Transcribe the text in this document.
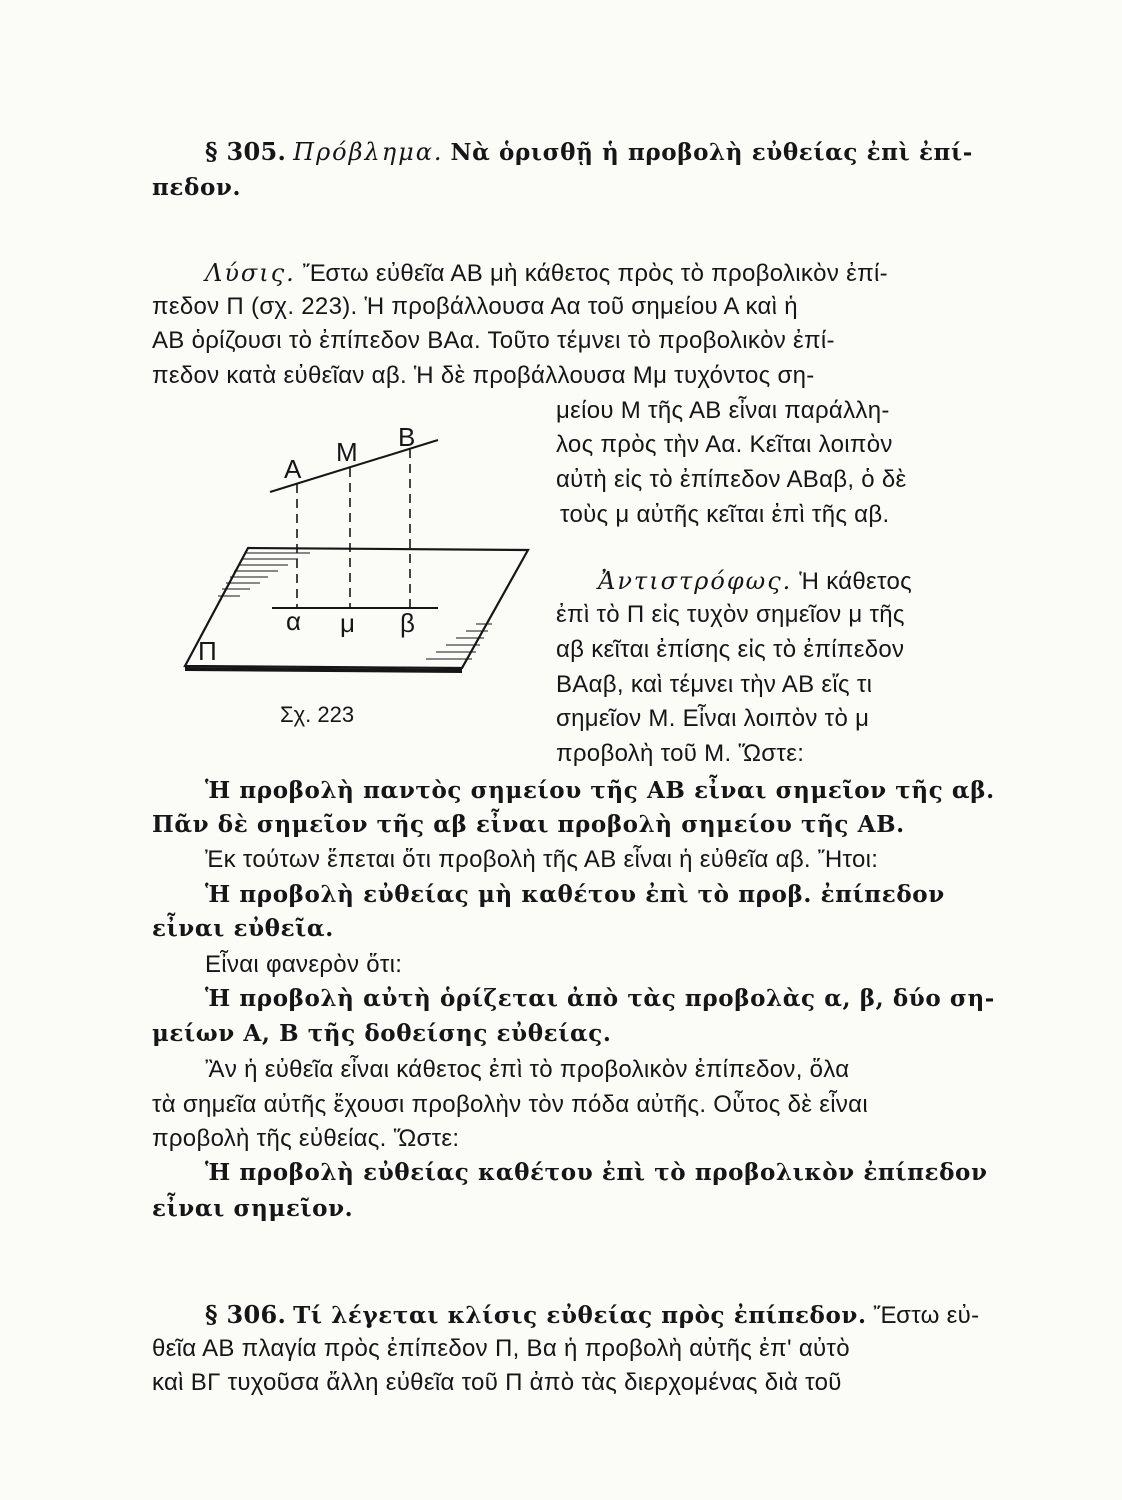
§ 305. Πρόβλημα. Νὰ ὁρισθῇ ἡ προβολὴ εὐθείας ἐπὶ ἐπί-
πεδον.
Λύσις. Ἔστω εὐθεῖα ΑΒ μὴ κάθετος πρὸς τὸ προβολικὸν ἐπί-
πεδον Π (σχ. 223). Ἡ προβάλλουσα Αα τοῦ σημείου Α καὶ ἡ
ΑΒ ὁρίζουσι τὸ ἐπίπεδον ΒΑα. Τοῦτο τέμνει τὸ προβολικὸν ἐπί-
πεδον κατὰ εὐθεῖαν αβ. Ἡ δὲ προβάλλουσα Μμ τυχόντος ση-
μείου Μ τῆς ΑΒ εἶναι παράλλη-
λος πρὸς τὴν Αα. Κεῖται λοιπὸν
αὐτὴ εἰς τὸ ἐπίπεδον ΑΒαβ, ὁ δὲ
τοὺς μ αὐτῆς κεῖται ἐπὶ τῆς αβ.
Ἀντιστρόφως. Ἡ κάθετος
ἐπὶ τὸ Π εἰς τυχὸν σημεῖον μ τῆς
αβ κεῖται ἐπίσης εἰς τὸ ἐπίπεδον
ΒΑαβ, καὶ τέμνει τὴν ΑΒ εἴς τι
σημεῖον Μ. Εἶναι λοιπὸν τὸ μ
προβολὴ τοῦ Μ. Ὥστε:
Α
Μ Β
α μ β
Π
Σχ. 223
Ἡ προβολὴ παντὸς σημείου τῆς ΑΒ εἶναι σημεῖον τῆς αβ.
Πᾶν δὲ σημεῖον τῆς αβ εἶναι προβολὴ σημείου τῆς ΑΒ.
Ἐκ τούτων ἕπεται ὅτι προβολὴ τῆς ΑΒ εἶναι ἡ εὐθεῖα αβ. Ἤτοι:
Ἡ προβολὴ εὐθείας μὴ καθέτου ἐπὶ τὸ προβ. ἐπίπεδον
εἶναι εὐθεῖα.
Εἶναι φανερὸν ὅτι:
Ἡ προβολὴ αὐτὴ ὁρίζεται ἀπὸ τὰς προβολὰς α, β, δύο ση-
μείων Α, Β τῆς δοθείσης εὐθείας.
Ἂν ἡ εὐθεῖα εἶναι κάθετος ἐπὶ τὸ προβολικὸν ἐπίπεδον, ὅλα
τὰ σημεῖα αὐτῆς ἔχουσι προβολὴν τὸν πόδα αὐτῆς. Οὗτος δὲ εἶναι
προβολὴ τῆς εὐθείας. Ὥστε:
Ἡ προβολὴ εὐθείας καθέτου ἐπὶ τὸ προβολικὸν ἐπίπεδον
εἶναι σημεῖον.
§ 306. Τί λέγεται κλίσις εὐθείας πρὸς ἐπίπεδον. Ἔστω εὐ-
θεῖα ΑΒ πλαγία πρὸς ἐπίπεδον Π, Βα ἡ προβολὴ αὐτῆς ἐπ' αὐτὸ
καὶ ΒΓ τυχοῦσα ἄλλη εὐθεῖα τοῦ Π ἀπὸ τὰς διερχομένας διὰ τοῦ
